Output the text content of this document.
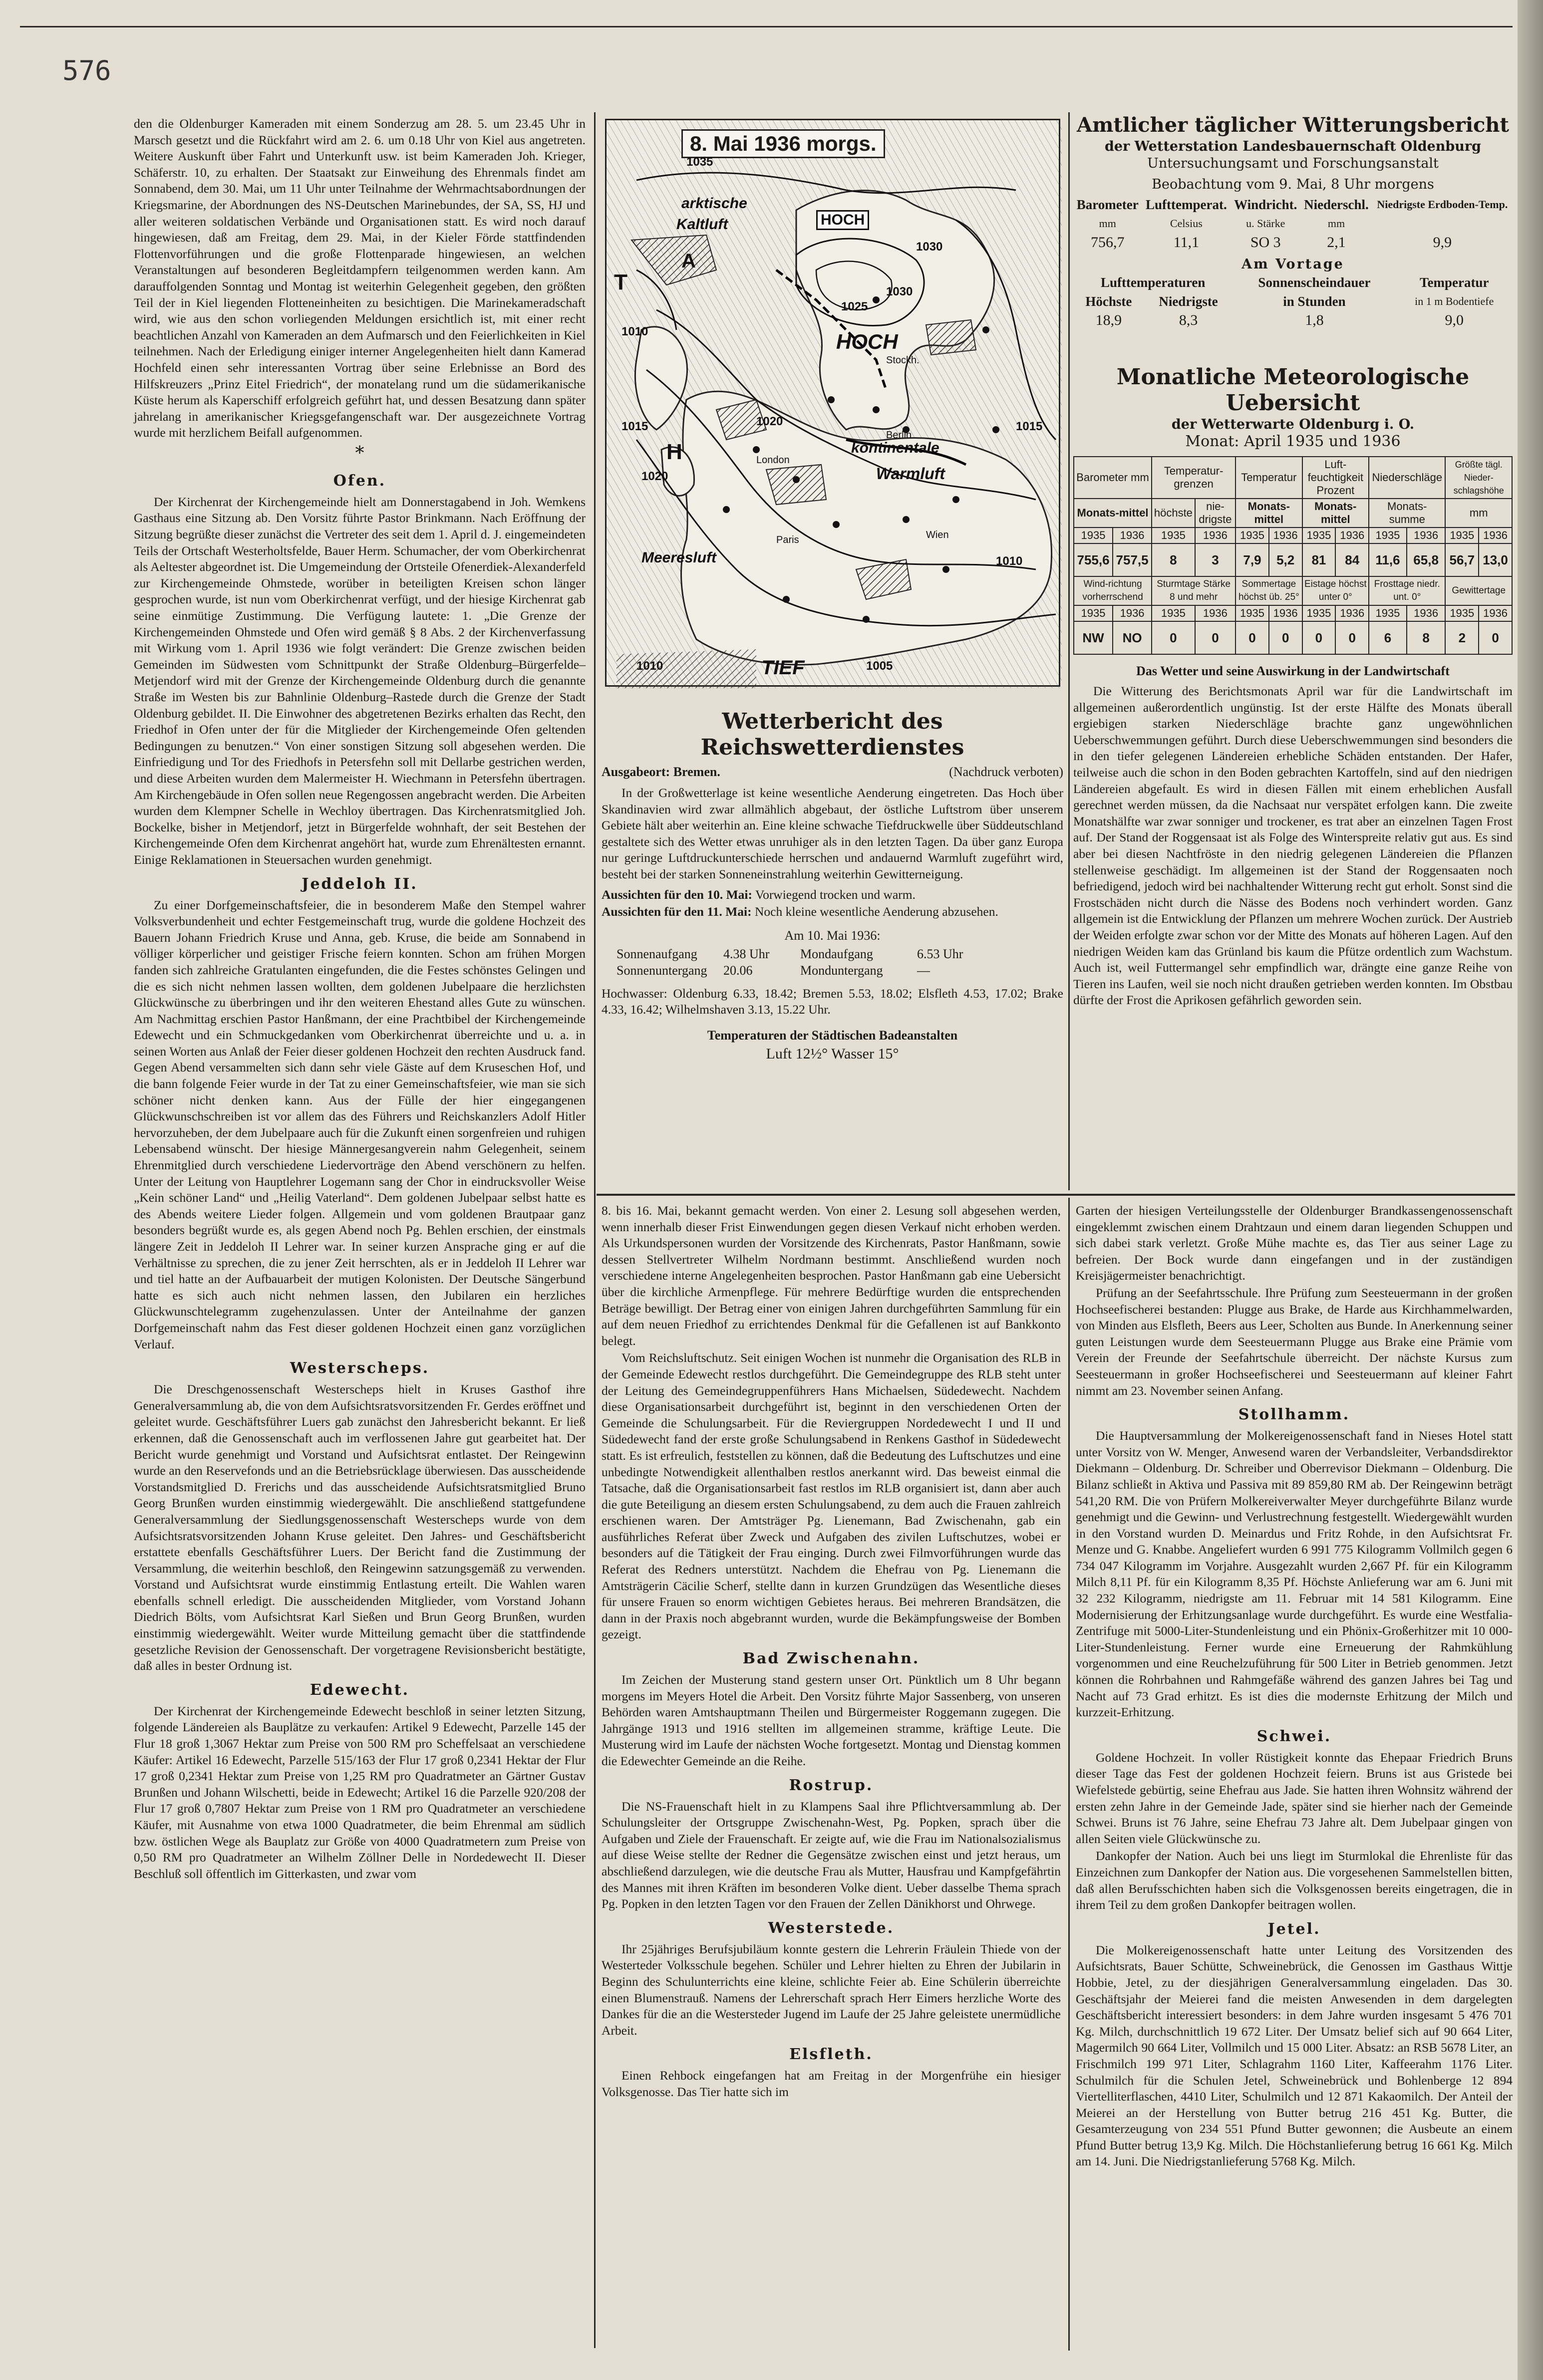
576

den die Oldenburger Kameraden mit einem Sonderzug am 28. 5. um 23.45 Uhr in Marsch gesetzt und die Rückfahrt wird am 2. 6. um 0.18 Uhr von Kiel aus angetreten. Weitere Auskunft über Fahrt und Unterkunft usw. ist beim Kameraden Joh. Krieger, Schäferstr. 10, zu erhalten. Der Staatsakt zur Einweihung des Ehrenmals findet am Sonnabend, dem 30. Mai, um 11 Uhr unter Teilnahme der Wehrmachtsabordnungen der Kriegsmarine, der Abordnungen des NS-Deutschen Marinebundes, der SA, SS, HJ und aller weiteren soldatischen Verbände und Organisationen statt. Es wird noch darauf hingewiesen, daß am Freitag, dem 29. Mai, in der Kieler Förde stattfindenden Flottenvorführungen und die große Flottenparade hingewiesen, an welchen Veranstaltungen auf besonderen Begleitdampfern teilgenommen werden kann. Am darauffolgenden Sonntag und Montag ist weiterhin Gelegenheit gegeben, den größten Teil der in Kiel liegenden Flotteneinheiten zu besichtigen. Die Marinekameradschaft wird, wie aus den schon vorliegenden Meldungen ersichtlich ist, mit einer recht beachtlichen Anzahl von Kameraden an dem Aufmarsch und den Feierlichkeiten in Kiel teilnehmen. Nach der Erledigung einiger interner Angelegenheiten hielt dann Kamerad Hochfeld einen sehr interessanten Vortrag über seine Erlebnisse an Bord des Hilfskreuzers „Prinz Eitel Friedrich“, der monatelang rund um die südamerikanische Küste herum als Kaperschiff erfolgreich geführt hat, und dessen Besatzung dann später jahrelang in amerikanischer Kriegsgefangenschaft war. Der ausgezeichnete Vortrag wurde mit herzlichem Beifall aufgenommen.

*
Ofen.

Der Kirchenrat der Kirchengemeinde hielt am Donnerstagabend in Joh. Wemkens Gasthaus eine Sitzung ab. Den Vorsitz führte Pastor Brinkmann. Nach Eröffnung der Sitzung begrüßte dieser zunächst die Vertreter des seit dem 1. April d. J. eingemeindeten Teils der Ortschaft Westerholtsfelde, Bauer Herm. Schumacher, der vom Oberkirchenrat als Aeltester abgeordnet ist. Die Umgemeindung der Ortsteile Ofenerdiek-Alexanderfeld zur Kirchengemeinde Ohmstede, worüber in beteiligten Kreisen schon länger gesprochen wurde, ist nun vom Oberkirchenrat verfügt, und der hiesige Kirchenrat gab seine einmütige Zustimmung. Die Verfügung lautete: 1. „Die Grenze der Kirchengemeinden Ohmstede und Ofen wird gemäß § 8 Abs. 2 der Kirchenverfassung mit Wirkung vom 1. April 1936 wie folgt verändert: Die Grenze zwischen beiden Gemeinden im Südwesten vom Schnittpunkt der Straße Oldenburg–Bürgerfelde–Metjendorf wird mit der Grenze der Kirchengemeinde Oldenburg durch die genannte Straße im Westen bis zur Bahnlinie Oldenburg–Rastede durch die Grenze der Stadt Oldenburg gebildet. II. Die Einwohner des abgetretenen Bezirks erhalten das Recht, den Friedhof in Ofen unter der für die Mitglieder der Kirchengemeinde Ofen geltenden Bedingungen zu benutzen.“ Von einer sonstigen Sitzung soll abgesehen werden. Die Einfriedigung und Tor des Friedhofs in Petersfehn soll mit Dellarbe gestrichen werden, und diese Arbeiten wurden dem Malermeister H. Wiechmann in Petersfehn übertragen. Am Kirchengebäude in Ofen sollen neue Regengossen angebracht werden. Die Arbeiten wurden dem Klempner Schelle in Wechloy übertragen. Das Kirchenratsmitglied Joh. Bockelke, bisher in Metjendorf, jetzt in Bürgerfelde wohnhaft, der seit Bestehen der Kirchengemeinde Ofen dem Kirchenrat angehört hat, wurde zum Ehrenältesten ernannt. Einige Reklamationen in Steuersachen wurden genehmigt.

Jeddeloh II.

Zu einer Dorfgemeinschaftsfeier, die in besonderem Maße den Stempel wahrer Volksverbundenheit und echter Festgemeinschaft trug, wurde die goldene Hochzeit des Bauern Johann Friedrich Kruse und Anna, geb. Kruse, die beide am Sonnabend in völliger körperlicher und geistiger Frische feiern konnten. Schon am frühen Morgen fanden sich zahlreiche Gratulanten eingefunden, die die Festes schönstes Gelingen und die es sich nicht nehmen lassen wollten, dem goldenen Jubelpaare die herzlichsten Glückwünsche zu überbringen und ihr den weiteren Ehestand alles Gute zu wünschen. Am Nachmittag erschien Pastor Hanßmann, der eine Prachtbibel der Kirchengemeinde Edewecht und ein Schmuckgedanken vom Oberkirchenrat überreichte und u. a. in seinen Worten aus Anlaß der Feier dieser goldenen Hochzeit den rechten Ausdruck fand. Gegen Abend versammelten sich dann sehr viele Gäste auf dem Kruseschen Hof, und die bann folgende Feier wurde in der Tat zu einer Gemeinschaftsfeier, wie man sie sich schöner nicht denken kann. Aus der Fülle der hier eingegangenen Glückwunschschreiben ist vor allem das des Führers und Reichskanzlers Adolf Hitler hervorzuheben, der dem Jubelpaare auch für die Zukunft einen sorgenfreien und ruhigen Lebensabend wünscht. Der hiesige Männergesangverein nahm Gelegenheit, seinem Ehrenmitglied durch verschiedene Liedervorträge den Abend verschönern zu helfen. Unter der Leitung von Hauptlehrer Logemann sang der Chor in eindrucksvoller Weise „Kein schöner Land“ und „Heilig Vaterland“. Dem goldenen Jubelpaar selbst hatte es des Abends weitere Lieder folgen. Allgemein und vom goldenen Brautpaar ganz besonders begrüßt wurde es, als gegen Abend noch Pg. Behlen erschien, der einstmals längere Zeit in Jeddeloh II Lehrer war. In seiner kurzen Ansprache ging er auf die Verhältnisse zu sprechen, die zu jener Zeit herrschten, als er in Jeddeloh II Lehrer war und tiel hatte an der Aufbauarbeit der mutigen Kolonisten. Der Deutsche Sängerbund hatte es sich auch nicht nehmen lassen, den Jubilaren ein herzliches Glückwunschtelegramm zugehenzulassen. Unter der Anteilnahme der ganzen Dorfgemeinschaft nahm das Fest dieser goldenen Hochzeit einen ganz vorzüglichen Verlauf.

Westerscheps.

Die Dreschgenossenschaft Westerscheps hielt in Kruses Gasthof ihre Generalversammlung ab, die von dem Aufsichtsratsvorsitzenden Fr. Gerdes eröffnet und geleitet wurde. Geschäftsführer Luers gab zunächst den Jahresbericht bekannt. Er ließ erkennen, daß die Genossenschaft auch im verflossenen Jahre gut gearbeitet hat. Der Bericht wurde genehmigt und Vorstand und Aufsichtsrat entlastet. Der Reingewinn wurde an den Reservefonds und an die Betriebsrücklage überwiesen. Das ausscheidende Vorstandsmitglied D. Frerichs und das ausscheidende Aufsichtsratsmitglied Bruno Georg Brunßen wurden einstimmig wiedergewählt. Die anschließend stattgefundene Generalversammlung der Siedlungsgenossenschaft Westerscheps wurde von dem Aufsichtsratsvorsitzenden Johann Kruse geleitet. Den Jahres- und Geschäftsbericht erstattete ebenfalls Geschäftsführer Luers. Der Bericht fand die Zustimmung der Versammlung, die weiterhin beschloß, den Reingewinn satzungsgemäß zu verwenden. Vorstand und Aufsichtsrat wurde einstimmig Entlastung erteilt. Die Wahlen waren ebenfalls schnell erledigt. Die ausscheidenden Mitglieder, vom Vorstand Johann Diedrich Bölts, vom Aufsichtsrat Karl Sießen und Brun Georg Brunßen, wurden einstimmig wiedergewählt. Weiter wurde Mitteilung gemacht über die stattfindende gesetzliche Revision der Genossenschaft. Der vorgetragene Revisionsbericht bestätigte, daß alles in bester Ordnung ist.

Edewecht.

Der Kirchenrat der Kirchengemeinde Edewecht beschloß in seiner letzten Sitzung, folgende Ländereien als Bauplätze zu verkaufen: Artikel 9 Edewecht, Parzelle 145 der Flur 18 groß 1,3067 Hektar zum Preise von 500 RM pro Scheffelsaat an verschiedene Käufer: Artikel 16 Edewecht, Parzelle 515/163 der Flur 17 groß 0,2341 Hektar der Flur 17 groß 0,2341 Hektar zum Preise von 1,25 RM pro Quadratmeter an Gärtner Gustav Brunßen und Johann Wilschetti, beide in Edewecht; Artikel 16 die Parzelle 920/208 der Flur 17 groß 0,7807 Hektar zum Preise von 1 RM pro Quadratmeter an verschiedene Käufer, mit Ausnahme von etwa 1000 Quadratmeter, die beim Ehrenmal am südlich bzw. östlichen Wege als Bauplatz zur Größe von 4000 Quadratmetern zum Preise von 0,50 RM pro Quadratmeter an Wilhelm Zöllner Delle in Nordedewecht II. Dieser Beschluß soll öffentlich im Gitterkasten, und zwar vom

8. Mai 1936 morgs.
arktische
Kaltluft	HOCH
HOCH
kontinentale
Warmluft
Meeresluft
TIEF
T
H
A
Berlin
London
Paris
Stockh.
Wien
1035
1030
1030
1025
1020
1015
1010
1010
1005
1010
1015
1020
Wetterbericht des Reichswetterdienstes
Ausgabeort: Bremen.	(Nachdruck verboten)

In der Großwetterlage ist keine wesentliche Aenderung eingetreten. Das Hoch über Skandinavien wird zwar allmählich abgebaut, der östliche Luftstrom über unserem Gebiete hält aber weiterhin an. Eine kleine schwache Tiefdruckwelle über Süddeutschland gestaltete sich des Wetter etwas unruhiger als in den letzten Tagen. Da über ganz Europa nur geringe Luftdruckunterschiede herrschen und andauernd Warmluft zugeführt wird, besteht bei der starken Sonneneinstrahlung weiterhin Gewitterneigung.

Aussichten für den 10. Mai: Vorwiegend trocken und warm.

Aussichten für den 11. Mai: Noch kleine wesentliche Aenderung abzusehen.

Am 10. Mai 1936:
Sonnenaufgang	4.38 Uhr	Mondaufgang	6.53 Uhr
Sonnenuntergang	20.06	Monduntergang	—

Hochwasser: Oldenburg 6.33, 18.42; Bremen 5.53, 18.02; Elsfleth 4.53, 17.02; Brake 4.33, 16.42; Wilhelmshaven 3.13, 15.22 Uhr.

Temperaturen der Städtischen Badeanstalten
Luft 12½° Wasser 15°
Amtlicher täglicher Witterungsbericht
der Wetterstation Landesbauernschaft Oldenburg
Untersuchungsamt und Forschungsanstalt
Beobachtung vom 9. Mai, 8 Uhr morgens
Barometer	Lufttemperat.	Windricht.	Niederschl.	Niedrigste Erdboden-Temp.
mm	Celsius	u. Stärke	mm	
756,7	11,1	SO 3	2,1	9,9
Am Vortage
Lufttemperaturen		Sonnenscheindauer	Temperatur
Höchste	Niedrigste	in Stunden	in 1 m Bodentiefe
18,9	8,3	1,8	9,0
Monatliche Meteorologische Uebersicht
der Wetterwarte Oldenburg i. O.
Monat: April 1935 und 1936
Barometer mm		Temperatur-grenzen		Temperatur		Luft-feuchtigkeit Prozent		Niederschläge		Größte tägl. Nieder-schlagshöhe	
Monats-mittel		höchste	nie-drigste	Monats-mittel		Monats-mittel		Monats-summe		mm	
1935	1936	1935	1936	1935	1936	1935	1936	1935	1936	1935	1936
755,6	757,5	8	3	7,9	5,2	81	84	11,6	65,8	56,7	13,0
Wind-richtung vorherrschend		Sturmtage Stärke 8 und mehr		Sommertage höchst üb. 25°		Eistage höchst unter 0°		Frosttage niedr. unt. 0°		Gewittertage	
1935	1936	1935	1936	1935	1936	1935	1936	1935	1936	1935	1936
NW	NO	0	0	0	0	0	0	6	8	2	0
Das Wetter und seine Auswirkung in der Landwirtschaft

Die Witterung des Berichtsmonats April war für die Landwirtschaft im allgemeinen außerordentlich ungünstig. Ist der erste Hälfte des Monats überall ergiebigen starken Niederschläge brachte ganz ungewöhnlichen Ueberschwemmungen geführt. Durch diese Ueberschwemmungen sind besonders die in den tiefer gelegenen Ländereien erhebliche Schäden entstanden. Der Hafer, teilweise auch die schon in den Boden gebrachten Kartoffeln, sind auf den niedrigen Ländereien abgefault. Es wird in diesen Fällen mit einem erheblichen Ausfall gerechnet werden müssen, da die Nachsaat nur verspätet erfolgen kann. Die zweite Monatshälfte war zwar sonniger und trockener, es trat aber an einzelnen Tagen Frost auf. Der Stand der Roggensaat ist als Folge des Winterspreite relativ gut aus. Es sind aber bei diesen Nachtfröste in den niedrig gelegenen Ländereien die Pflanzen stellenweise geschädigt. Im allgemeinen ist der Stand der Roggensaaten noch befriedigend, jedoch wird bei nachhaltender Witterung recht gut erholt. Sonst sind die Frostschäden nicht durch die Nässe des Bodens noch verhindert worden. Ganz allgemein ist die Entwicklung der Pflanzen um mehrere Wochen zurück. Der Austrieb der Weiden erfolgte zwar schon vor der Mitte des Monats auf höheren Lagen. Auf den niedrigen Weiden kam das Grünland bis kaum die Pfütze ordentlich zum Wachstum. Auch ist, weil Futtermangel sehr empfindlich war, drängte eine ganze Reihe von Tieren ins Laufen, weil sie noch nicht draußen getrieben werden konnten. Im Obstbau dürfte der Frost die Aprikosen gefährlich geworden sein.

8. bis 16. Mai, bekannt gemacht werden. Von einer 2. Lesung soll abgesehen werden, wenn innerhalb dieser Frist Einwendungen gegen diesen Verkauf nicht erhoben werden. Als Urkundspersonen wurden der Vorsitzende des Kirchenrats, Pastor Hanßmann, sowie dessen Stellvertreter Wilhelm Nordmann bestimmt. Anschließend wurden noch verschiedene interne Angelegenheiten besprochen. Pastor Hanßmann gab eine Uebersicht über die kirchliche Armenpflege. Für mehrere Bedürftige wurden die entsprechenden Beträge bewilligt. Der Betrag einer von einigen Jahren durchgeführten Sammlung für ein auf dem neuen Friedhof zu errichtendes Denkmal für die Gefallenen ist auf Bankkonto belegt.

Vom Reichsluftschutz. Seit einigen Wochen ist nunmehr die Organisation des RLB in der Gemeinde Edewecht restlos durchgeführt. Die Gemeindegruppe des RLB steht unter der Leitung des Gemeindegruppenführers Hans Michaelsen, Südedewecht. Nachdem diese Organisationsarbeit durchgeführt ist, beginnt in den verschiedenen Orten der Gemeinde die Schulungsarbeit. Für die Reviergruppen Nordedewecht I und II und Südedewecht fand der erste große Schulungsabend in Renkens Gasthof in Südedewecht statt. Es ist erfreulich, feststellen zu können, daß die Bedeutung des Luftschutzes und eine unbedingte Notwendigkeit allenthalben restlos anerkannt wird. Das beweist einmal die Tatsache, daß die Organisationsarbeit fast restlos im RLB organisiert ist, dann aber auch die gute Beteiligung an diesem ersten Schulungsabend, zu dem auch die Frauen zahlreich erschienen waren. Der Amtsträger Pg. Lienemann, Bad Zwischenahn, gab ein ausführliches Referat über Zweck und Aufgaben des zivilen Luftschutzes, wobei er besonders auf die Tätigkeit der Frau einging. Durch zwei Filmvorführungen wurde das Referat des Redners unterstützt. Nachdem die Ehefrau von Pg. Lienemann die Amtsträgerin Cäcilie Scherf, stellte dann in kurzen Grundzügen das Wesentliche dieses für unsere Frauen so enorm wichtigen Gebietes heraus. Bei mehreren Brandsätzen, die dann in der Praxis noch abgebrannt wurden, wurde die Bekämpfungsweise der Bomben gezeigt.

Bad Zwischenahn.

Im Zeichen der Musterung stand gestern unser Ort. Pünktlich um 8 Uhr begann morgens im Meyers Hotel die Arbeit. Den Vorsitz führte Major Sassenberg, von unseren Behörden waren Amtshauptmann Theilen und Bürgermeister Roggemann zugegen. Die Jahrgänge 1913 und 1916 stellten im allgemeinen stramme, kräftige Leute. Die Musterung wird im Laufe der nächsten Woche fortgesetzt. Montag und Dienstag kommen die Edewechter Gemeinde an die Reihe.

Rostrup.

Die NS-Frauenschaft hielt in zu Klampens Saal ihre Pflichtversammlung ab. Der Schulungsleiter der Ortsgruppe Zwischenahn-West, Pg. Popken, sprach über die Aufgaben und Ziele der Frauenschaft. Er zeigte auf, wie die Frau im Nationalsozialismus auf diese Weise stellte der Redner die Gegensätze zwischen einst und jetzt heraus, um abschließend darzulegen, wie die deutsche Frau als Mutter, Hausfrau und Kampfgefährtin des Mannes mit ihren Kräften im besonderen Volke dient. Ueber dasselbe Thema sprach Pg. Popken in den letzten Tagen vor den Frauen der Zellen Dänikhorst und Ohrwege.

Westerstede.

Ihr 25jähriges Berufsjubiläum konnte gestern die Lehrerin Fräulein Thiede von der Westerteder Volksschule begehen. Schüler und Lehrer hielten zu Ehren der Jubilarin in Beginn des Schulunterrichts eine kleine, schlichte Feier ab. Eine Schülerin überreichte einen Blumenstrauß. Namens der Lehrerschaft sprach Herr Eimers herzliche Worte des Dankes für die an die Westersteder Jugend im Laufe der 25 Jahre geleistete unermüdliche Arbeit.

Elsfleth.

Einen Rehbock eingefangen hat am Freitag in der Morgenfrühe ein hiesiger Volksgenosse. Das Tier hatte sich im

Garten der hiesigen Verteilungsstelle der Oldenburger Brandkassengenossenschaft eingeklemmt zwischen einem Drahtzaun und einem daran liegenden Schuppen und sich dabei stark verletzt. Große Mühe machte es, das Tier aus seiner Lage zu befreien. Der Bock wurde dann eingefangen und in der zuständigen Kreisjägermeister benachrichtigt.

Prüfung an der Seefahrtsschule. Ihre Prüfung zum Seesteuermann in der großen Hochseefischerei bestanden: Plugge aus Brake, de Harde aus Kirchhammelwarden, von Minden aus Elsfleth, Beers aus Leer, Scholten aus Bunde. In Anerkennung seiner guten Leistungen wurde dem Seesteuermann Plugge aus Brake eine Prämie vom Verein der Freunde der Seefahrtschule überreicht. Der nächste Kursus zum Seesteuermann in großer Hochseefischerei und Seesteuermann auf kleiner Fahrt nimmt am 23. November seinen Anfang.

Stollhamm.

Die Hauptversammlung der Molkereigenossenschaft fand in Nieses Hotel statt unter Vorsitz von W. Menger, Anwesend waren der Verbandsleiter, Verbandsdirektor Diekmann – Oldenburg. Dr. Schreiber und Oberrevisor Diekmann – Oldenburg. Die Bilanz schließt in Aktiva und Passiva mit 89 859,80 RM ab. Der Reingewinn beträgt 541,20 RM. Die von Prüfern Molkereiverwalter Meyer durchgeführte Bilanz wurde genehmigt und die Gewinn- und Verlustrechnung festgestellt. Wiedergewählt wurden in den Vorstand wurden D. Meinardus und Fritz Rohde, in den Aufsichtsrat Fr. Menze und G. Knabbe. Angeliefert wurden 6 991 775 Kilogramm Vollmilch gegen 6 734 047 Kilogramm im Vorjahre. Ausgezahlt wurden 2,667 Pf. für ein Kilogramm Milch 8,11 Pf. für ein Kilogramm 8,35 Pf. Höchste Anlieferung war am 6. Juni mit 32 232 Kilogramm, niedrigste am 11. Februar mit 14 581 Kilogramm. Eine Modernisierung der Erhitzungsanlage wurde durchgeführt. Es wurde eine Westfalia-Zentrifuge mit 5000-Liter-Stundenleistung und ein Phönix-Großerhitzer mit 10 000-Liter-Stundenleistung. Ferner wurde eine Erneuerung der Rahmkühlung vorgenommen und eine Reuchelzuführung für 500 Liter in Betrieb genommen. Jetzt können die Rohrbahnen und Rahmgefäße während des ganzen Jahres bei Tag und Nacht auf 73 Grad erhitzt. Es ist dies die modernste Erhitzung der Milch und kurzzeit-Erhitzung.

Schwei.

Goldene Hochzeit. In voller Rüstigkeit konnte das Ehepaar Friedrich Bruns dieser Tage das Fest der goldenen Hochzeit feiern. Bruns ist aus Gristede bei Wiefelstede gebürtig, seine Ehefrau aus Jade. Sie hatten ihren Wohnsitz während der ersten zehn Jahre in der Gemeinde Jade, später sind sie hierher nach der Gemeinde Schwei. Bruns ist 76 Jahre, seine Ehefrau 73 Jahre alt. Dem Jubelpaar gingen von allen Seiten viele Glückwünsche zu.

Dankopfer der Nation. Auch bei uns liegt im Sturmlokal die Ehrenliste für das Einzeichnen zum Dankopfer der Nation aus. Die vorgesehenen Sammelstellen bitten, daß allen Berufsschichten haben sich die Volksgenossen bereits eingetragen, die in ihrem Teil zu dem großen Dankopfer beitragen wollen.

Jetel.

Die Molkereigenossenschaft hatte unter Leitung des Vorsitzenden des Aufsichtsrats, Bauer Schütte, Schweinebrück, die Genossen im Gasthaus Wittje Hobbie, Jetel, zu der diesjährigen Generalversammlung eingeladen. Das 30. Geschäftsjahr der Meierei fand die meisten Anwesenden in dem dargelegten Geschäftsbericht interessiert besonders: in dem Jahre wurden insgesamt 5 476 701 Kg. Milch, durchschnittlich 19 672 Liter. Der Umsatz belief sich auf 90 664 Liter, Magermilch 90 664 Liter, Vollmilch und 15 000 Liter. Absatz: an RSB 5678 Liter, an Frischmilch 199 971 Liter, Schlagrahm 1160 Liter, Kaffeerahm 1176 Liter. Schulmilch für die Schulen Jetel, Schweinebrück und Bohlenberge 12 894 Viertelliterflaschen, 4410 Liter, Schulmilch und 12 871 Kakaomilch. Der Anteil der Meierei an der Herstellung von Butter betrug 216 451 Kg. Butter, die Gesamterzeugung von 234 551 Pfund Butter gewonnen; die Ausbeute an einem Pfund Butter betrug 13,9 Kg. Milch. Die Höchstanlieferung betrug 16 661 Kg. Milch am 14. Juni. Die Niedrigstanlieferung 5768 Kg. Milch.
